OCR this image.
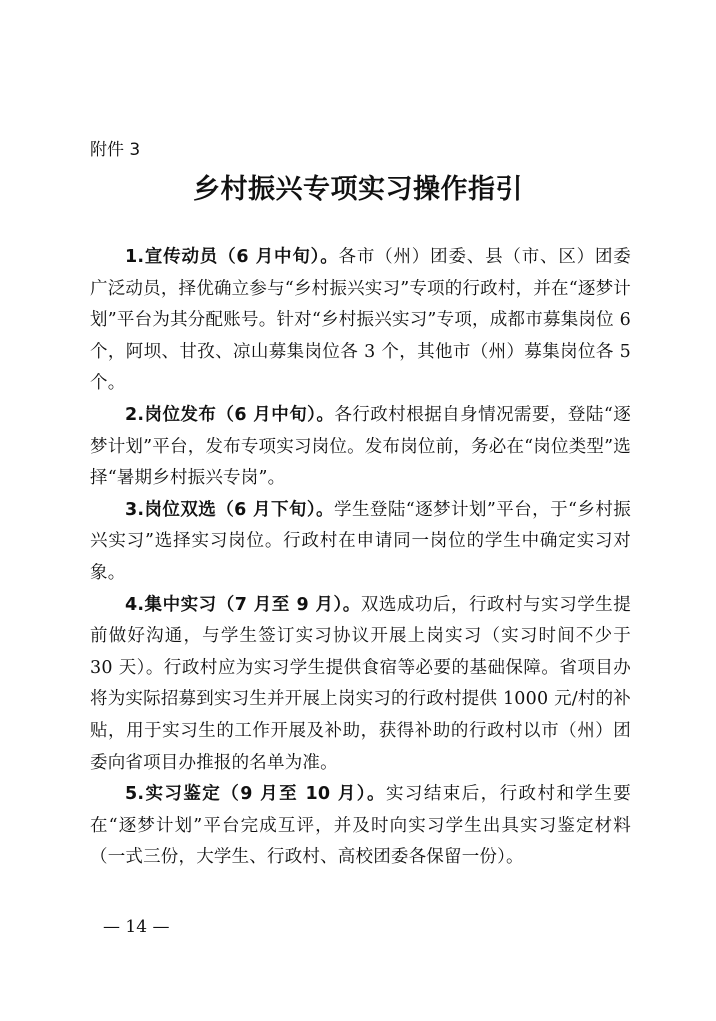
附件 3

乡村振兴专项实习操作指引

1.宣传动员（6 月中旬）。各市（州）团委、县（市、区）团委广泛动员，择优确立参与“乡村振兴实习”专项的行政村，并在“逐梦计划”平台为其分配账号。针对“乡村振兴实习”专项，成都市募集岗位 6 个，阿坝、甘孜、凉山募集岗位各 3 个，其他市（州）募集岗位各 5 个。

2.岗位发布（6 月中旬）。各行政村根据自身情况需要，登陆“逐梦计划”平台，发布专项实习岗位。发布岗位前，务必在“岗位类型”选择“暑期乡村振兴专岗”。

3.岗位双选（6 月下旬）。学生登陆“逐梦计划”平台，于“乡村振兴实习”选择实习岗位。行政村在申请同一岗位的学生中确定实习对象。

4.集中实习（7 月至 9 月）。双选成功后，行政村与实习学生提前做好沟通，与学生签订实习协议开展上岗实习（实习时间不少于 30 天）。行政村应为实习学生提供食宿等必要的基础保障。省项目办将为实际招募到实习生并开展上岗实习的行政村提供 1000 元/村的补贴，用于实习生的工作开展及补助，获得补助的行政村以市（州）团委向省项目办推报的名单为准。

5.实习鉴定（9 月至 10 月）。实习结束后，行政村和学生要在“逐梦计划”平台完成互评，并及时向实习学生出具实习鉴定材料（一式三份，大学生、行政村、高校团委各保留一份）。

— 14 —
